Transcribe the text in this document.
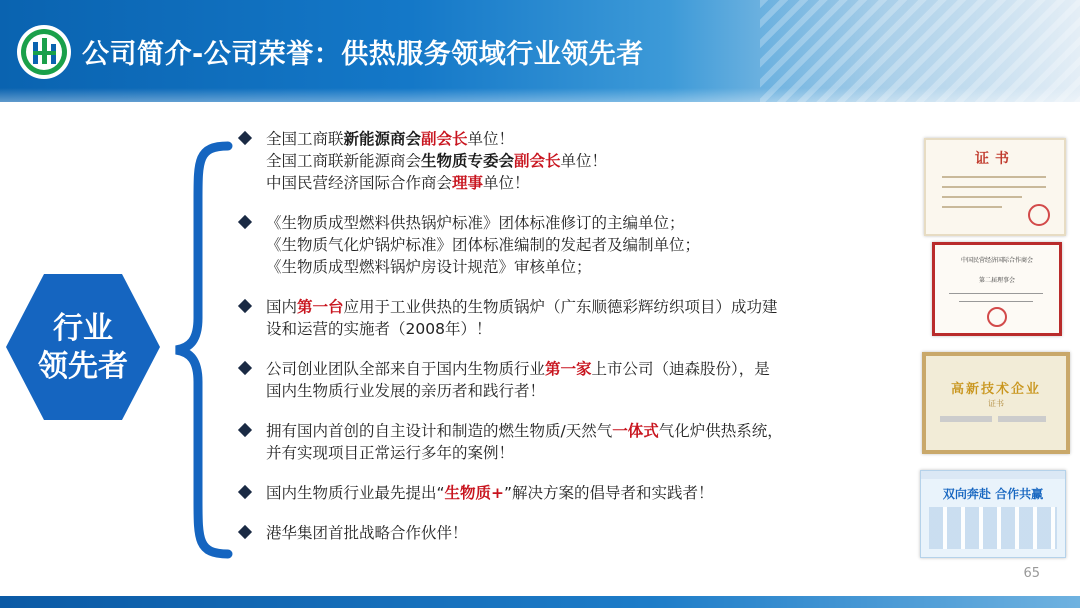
公司简介-公司荣誉：供热服务领域行业领先者
行业
领先者
全国工商联新能源商会副会长单位！
全国工商联新能源商会生物质专委会副会长单位！
中国民营经济国际合作商会理事单位！
《生物质成型燃料供热锅炉标准》团体标准修订的主编单位；
《生物质气化炉锅炉标准》团体标准编制的发起者及编制单位；
《生物质成型燃料锅炉房设计规范》审核单位；
国内第一台应用于工业供热的生物质锅炉（广东顺德彩辉纺织项目）成功建
设和运营的实施者（2008年）！
公司创业团队全部来自于国内生物质行业第一家上市公司（迪森股份），是
国内生物质行业发展的亲历者和践行者！
拥有国内首创的自主设计和制造的燃生物质/天然气一体式气化炉供热系统，
并有实现项目正常运行多年的案例！
国内生物质行业最先提出“生物质+”解决方案的倡导者和实践者！
港华集团首批战略合作伙伴！
证书
中国民营经济国际合作商会
第二届理事会
高新技术企业
证书
双向奔赴 合作共赢
65
